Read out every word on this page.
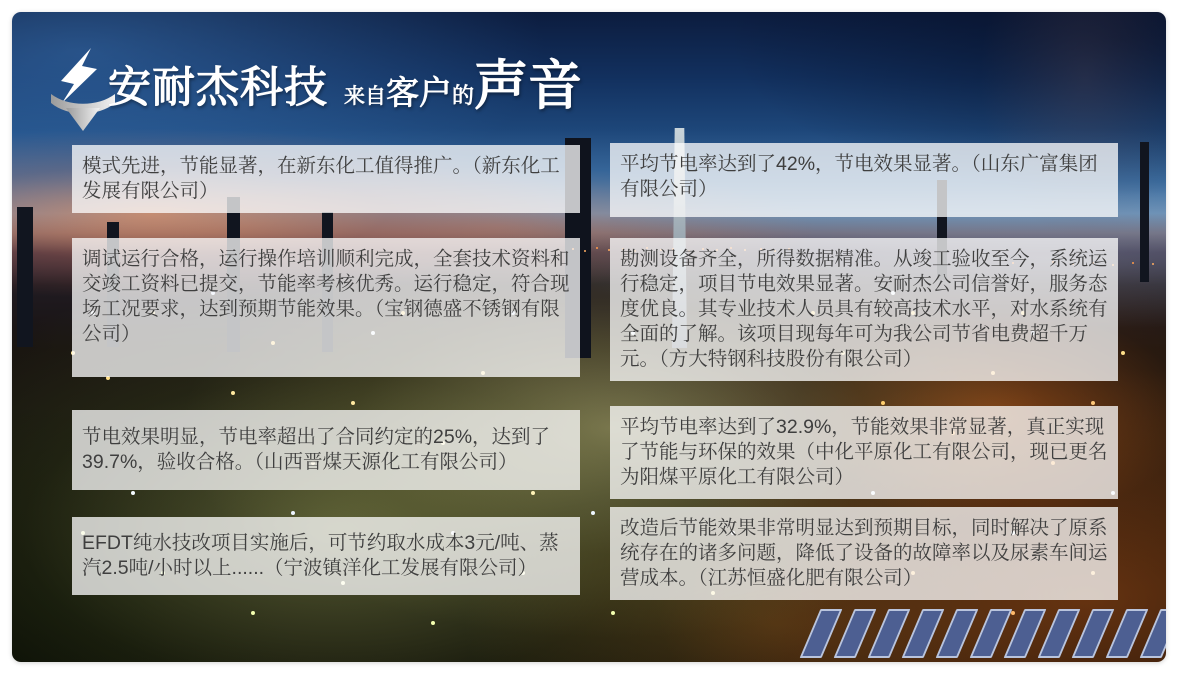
安耐杰科技 来自 客户 的 声音
模式先进，节能显著，在新东化工值得推广。（新东化工发展有限公司）
调试运行合格，运行操作培训顺利完成，全套技术资料和交竣工资料已提交，节能率考核优秀。运行稳定，符合现场工况要求，达到预期节能效果。（宝钢德盛不锈钢有限公司）
节电效果明显，节电率超出了合同约定的25%，达到了39.7%，验收合格。（山西晋煤天源化工有限公司）
EFDT纯水技改项目实施后，可节约取水成本3元/吨、蒸汽2.5吨/小时以上......（宁波镇洋化工发展有限公司）
平均节电率达到了42%，节电效果显著。（山东广富集团有限公司）
勘测设备齐全，所得数据精准。从竣工验收至今，系统运行稳定，项目节电效果显著。安耐杰公司信誉好，服务态度优良。其专业技术人员具有较高技术水平，对水系统有全面的了解。该项目现每年可为我公司节省电费超千万元。（方大特钢科技股份有限公司）
平均节电率达到了32.9%，节能效果非常显著，真正实现了节能与环保的效果（中化平原化工有限公司，现已更名为阳煤平原化工有限公司）
改造后节能效果非常明显达到预期目标，同时解决了原系统存在的诸多问题，降低了设备的故障率以及尿素车间运营成本。（江苏恒盛化肥有限公司）
